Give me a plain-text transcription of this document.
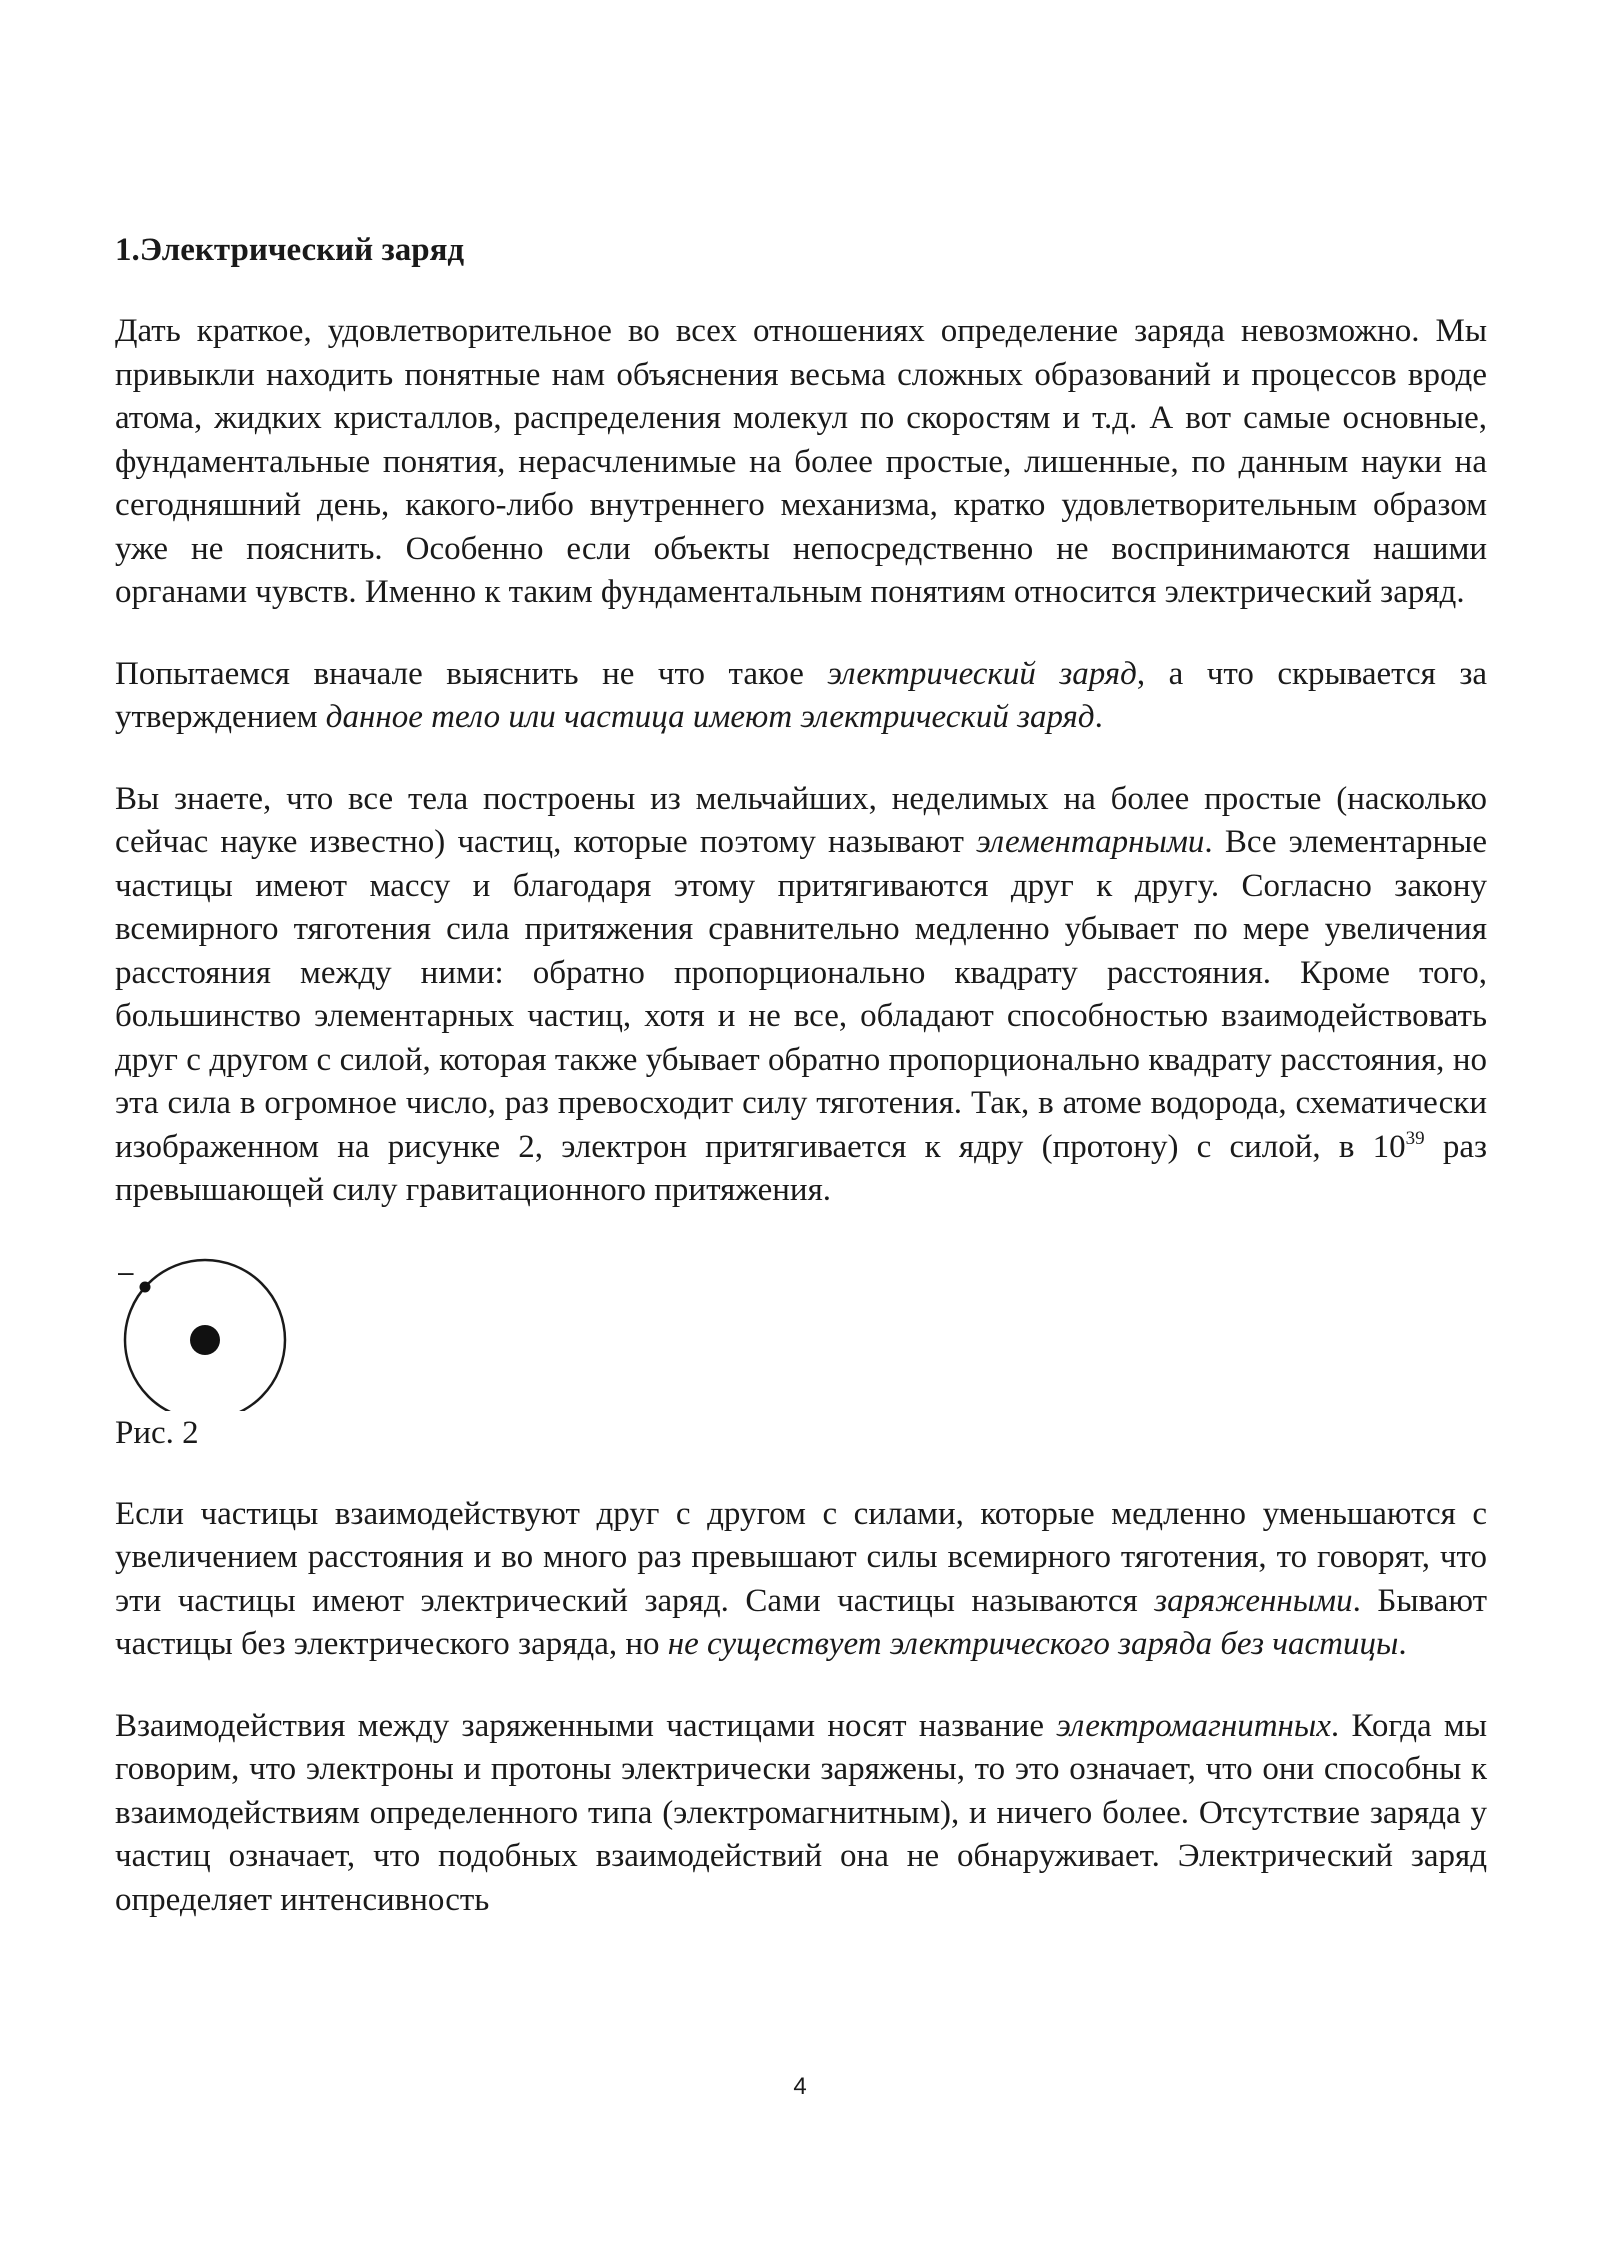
1.Электрический заряд

Дать краткое, удовлетворительное во всех отношениях определение заряда невозможно. Мы привыкли находить понятные нам объяснения весьма сложных образований и процессов вроде атома, жидких кристаллов, распределения молекул по скоростям и т.д. А вот самые основные, фундаментальные понятия, нерасчленимые на более простые, лишенные, по данным науки на сегодняшний день, какого-либо внутреннего механизма, кратко удовлетворительным образом уже не пояснить. Особенно если объекты непосредственно не воспринимаются нашими органами чувств. Именно к таким фундаментальным понятиям относится электрический заряд.

Попытаемся вначале выяснить не что такое электрический заряд, а что скрывается за утверждением данное тело или частица имеют электрический заряд.

Вы знаете, что все тела построены из мельчайших, неделимых на более простые (насколько сейчас науке известно) частиц, которые поэтому называют элементарными. Все элементарные частицы имеют массу и благодаря этому притягиваются друг к другу. Согласно закону всемирного тяготения сила притяжения сравнительно медленно убывает по мере увеличения расстояния между ними: обратно пропорционально квадрату расстояния. Кроме того, большинство элементарных частиц, хотя и не все, обладают способностью взаимодействовать друг с другом с силой, которая также убывает обратно пропорционально квадрату расстояния, но эта сила в огромное число, раз превосходит силу тяготения. Так, в атоме водорода, схематически изображенном на рисунке 2, электрон притягивается к ядру (протону) с силой, в $10^{39}$ раз превышающей силу гравитационного притяжения.

–
Рис. 2

Если частицы взаимодействуют друг с другом с силами, которые медленно уменьшаются с увеличением расстояния и во много раз превышают силы всемирного тяготения, то говорят, что эти частицы имеют электрический заряд. Сами частицы называются заряженными. Бывают частицы без электрического заряда, но не существует электрического заряда без частицы.

Взаимодействия между заряженными частицами носят название электромагнитных. Когда мы говорим, что электроны и протоны электрически заряжены, то это означает, что они способны к взаимодействиям определенного типа (электромагнитным), и ничего более. Отсутствие заряда у частиц означает, что подобных взаимодействий она не обнаруживает. Электрический заряд определяет интенсивность

4
